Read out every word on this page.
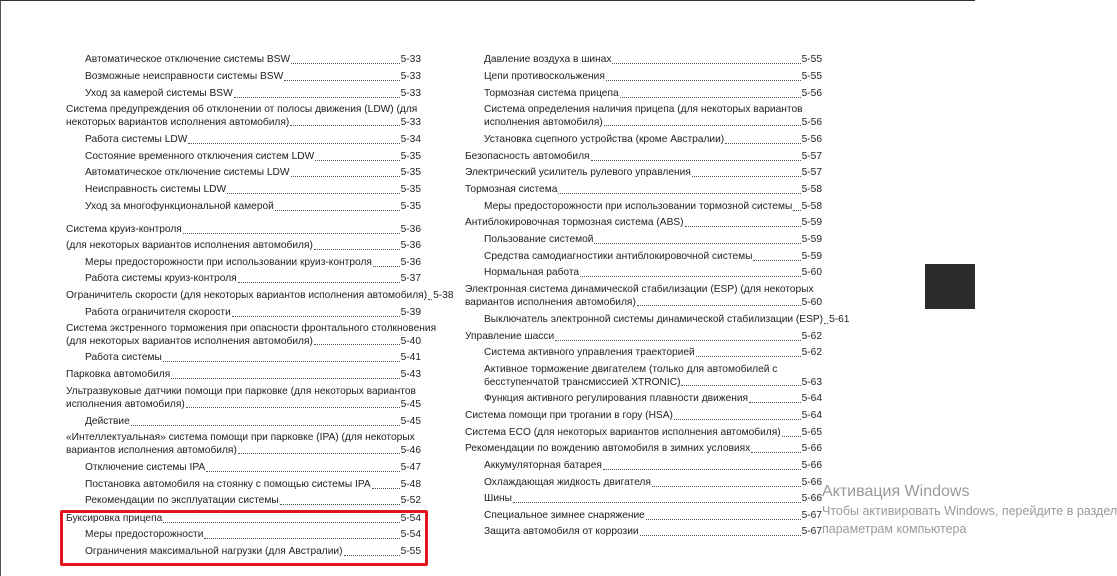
Автоматическое отключение системы BSW	5-33
Возможные неисправности системы BSW	5-33
Уход за камерой системы BSW	5-33
Система предупреждения об отклонении от полосы движения (LDW) (для
некоторых вариантов исполнения автомобиля)	5-33
Работа системы LDW	5-34
Состояние временного отключения систем LDW	5-35
Автоматическое отключение системы LDW	5-35
Неисправность системы LDW	5-35
Уход за многофункциональной камерой	5-35
Система круиз-контроля	5-36
(для некоторых вариантов исполнения автомобиля)	5-36
Меры предосторожности при использовании круиз-контроля	5-36
Работа системы круиз-контроля	5-37
Ограничитель скорости (для некоторых вариантов исполнения автомобиля) 5-38
Работа ограничителя скорости	5-39
Система экстренного торможения при опасности фронтального столкновения
(для некоторых вариантов исполнения автомобиля)	5-40
Работа системы	5-41
Парковка автомобиля	5-43
Ультразвуковые датчики помощи при парковке (для некоторых вариантов
исполнения автомобиля)	5-45
Действие	5-45
«Интеллектуальная» система помощи при парковке (IPA) (для некоторых
вариантов исполнения автомобиля)	5-46
Отключение системы IPA	5-47
Постановка автомобиля на стоянку с помощью системы IPA	5-48
Рекомендации по эксплуатации системы	5-52
Буксировка прицепа	5-54
Меры предосторожности	5-54
Ограничения максимальной нагрузки (для Австралии)	5-55
Давление воздуха в шинах	5-55
Цепи противоскольжения	5-55
Тормозная система прицепа	5-56
Система определения наличия прицепа (для некоторых вариантов
исполнения автомобиля)	5-56
Установка сцепного устройства (кроме Австралии)	5-56
Безопасность автомобиля	5-57
Электрический усилитель рулевого управления	5-57
Тормозная система	5-58
Меры предосторожности при использовании тормозной системы 5-58
Антиблокировочная тормозная система (ABS)	5-59
Пользование системой	5-59
Средства самодиагностики антиблокировочной системы	5-59
Нормальная работа	5-60
Электронная система динамической стабилизации (ESP) (для некоторых
вариантов исполнения автомобиля)	5-60
Выключатель электронной системы динамической стабилизации (ESP) 5-61
Управление шасси	5-62
Система активного управления траекторией	5-62
Активное торможение двигателем (только для автомобилей с
бесступенчатой трансмиссией XTRONIC)	5-63
Функция активного регулирования плавности движения	5-64
Система помощи при трогании в гору (HSA)	5-64
Система ECO (для некоторых вариантов исполнения автомобиля) 5-65
Рекомендации по вождению автомобиля в зимних условиях	5-66
Аккумуляторная батарея	5-66
Охлаждающая жидкость двигателя	5-66
Шины	5-66
Специальное зимнее снаряжение	5-67
Защита автомобиля от коррозии	5-67
Активация Windows
Чтобы активировать Windows, перейдите в раздел
параметрам компьютера
